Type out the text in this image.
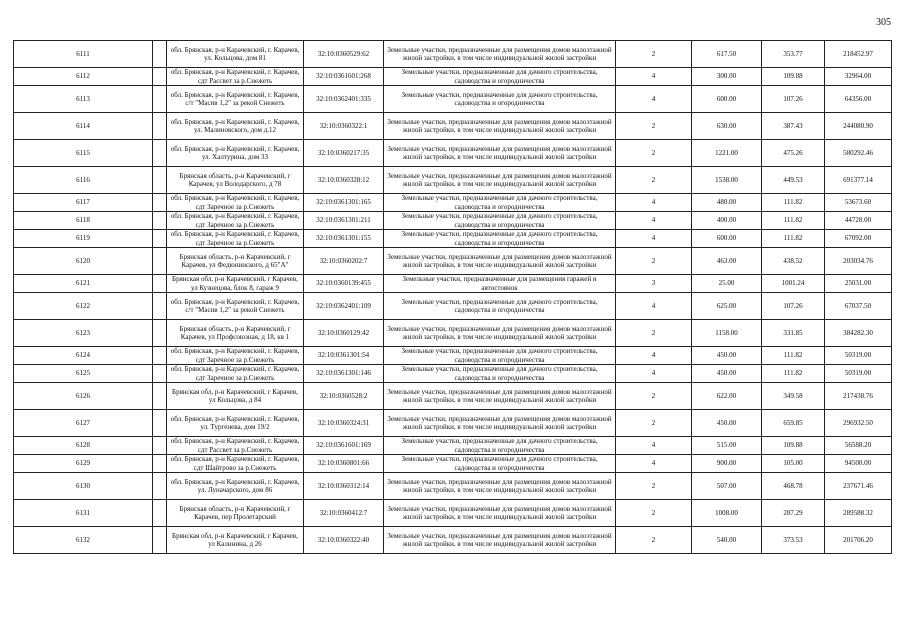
305
6111		обл. Брянская, р-н Карачевский, г. Карачев, ул. Кольцова, дом 81	32:10:0360529:62	Земельные участки, предназначенные для размещения домов малоэтажной жилой застройки, в том числе индивидуальной жилой застройки	2	617.50	353.77	218452.97
6112		обл. Брянская, р-н Карачевский, г. Карачев, сдт Рассвет за р.Снежеть	32:10:0361601:268	Земельные участки, предназначенные для дачного строительства, садоводства и огородничества	4	300.00	109.88	32964.00
6113		обл. Брянская, р-н Карачевский, г. Карачев, с/т "Масив 1,2" за рекой Снежеть	32:10:0362401:335	Земельные участки, предназначенные для дачного строительства, садоводства и огородничества	4	600.00	107.26	64356.00
6114		обл. Брянская, р-н Карачевский, г. Карачев, ул. Малиновского, дом д.12	32:10:0360322:1	Земельные участки, предназначенные для размещения домов малоэтажной жилой застройки, в том числе индивидуальной жилой застройки	2	630.00	387.43	244080.90
6115		обл. Брянская, р-н Карачевский, г. Карачев, ул. Халтурина, дом 33	32:10:0360217:35	Земельные участки, предназначенные для размещения домов малоэтажной жилой застройки, в том числе индивидуальной жилой застройки	2	1221.00	475.26	580292.46
6116		Брянская область, р-н Карачевский, г Карачев, ул Володарского, д 78	32:10:0360328:12	Земельные участки, предназначенные для размещения домов малоэтажной жилой застройки, в том числе индивидуальной жилой застройки	2	1538.00	449.53	691377.14
6117		обл. Брянская, р-н Карачевский, г. Карачев, сдт Заречное за р.Снежеть	32:10:0361301:165	Земельные участки, предназначенные для дачного строительства, садоводства и огородничества	4	480.00	111.82	53673.60
6118		обл. Брянская, р-н Карачевский, г. Карачев, сдт Заречное за р.Снежеть	32:10:0361301:211	Земельные участки, предназначенные для дачного строительства, садоводства и огородничества	4	400.00	111.82	44728.00
6119		обл. Брянская, р-н Карачевский, г. Карачев, сдт Заречное за р.Снежеть	32:10:0361301:155	Земельные участки, предназначенные для дачного строительства, садоводства и огородничества	4	600.00	111.82	67092.00
6120		Брянская область, р-н Карачевский, г Карачев, ул Федюнинского, д 65"А"	32:10:0360202:7	Земельные участки, предназначенные для размещения домов малоэтажной жилой застройки, в том числе индивидуальной жилой застройки	2	463.00	438.52	203034.76
6121		Брянская обл, р-н Карачевский, г Карачев, ул Кузнецова, блок 8, гараж 9	32:10:0360139:455	Земельные участки, предназначенные для размещения гаражей и автостоянок	3	25.00	1001.24	25031.00
6122		обл. Брянская, р-н Карачевский, г. Карачев, с/т "Масив 1,2" за рекой Снежеть	32:10:0362401:109	Земельные участки, предназначенные для дачного строительства, садоводства и огородничества	4	625.00	107.26	67037.50
6123		Брянская область, р-н Карачевский, г Карачев, ул Профсоюзная, д 18, кв 1	32:10:0360129:42	Земельные участки, предназначенные для размещения домов малоэтажной жилой застройки, в том числе индивидуальной жилой застройки	2	1158.00	331.85	384282.30
6124		обл. Брянская, р-н Карачевский, г. Карачев, сдт Заречное за р.Снежеть	32:10:0361301:54	Земельные участки, предназначенные для дачного строительства, садоводства и огородничества	4	450.00	111.82	50319.00
6125		обл. Брянская, р-н Карачевский, г. Карачев, сдт Заречное за р.Снежеть	32:10:0361301:146	Земельные участки, предназначенные для дачного строительства, садоводства и огородничества	4	450.00	111.82	50319.00
6126		Брянская обл, р-н Карачевский, г Карачев, ул Кольцова, д 84	32:10:0360528:2	Земельные участки, предназначенные для размещения домов малоэтажной жилой застройки, в том числе индивидуальной жилой застройки	2	622.00	349.58	217438.76
6127		обл. Брянская, р-н Карачевский, г. Карачев, ул. Тургенева, дом 19/2	32:10:0360324:31	Земельные участки, предназначенные для размещения домов малоэтажной жилой застройки, в том числе индивидуальной жилой застройки	2	450.00	659.85	296932.50
6128		обл. Брянская, р-н Карачевский, г. Карачев, сдт Рассвет за р.Снежеть	32:10:0361601:169	Земельные участки, предназначенные для дачного строительства, садоводства и огородничества	4	515.00	109.88	56588.20
6129		обл. Брянская, р-н Карачевский, г. Карачев, сдт Шайтрово за р.Снежеть	32:10:0360801:66	Земельные участки, предназначенные для дачного строительства, садоводства и огородничества	4	900.00	105.00	94500.00
6130		обл. Брянская, р-н Карачевский, г. Карачев, ул. Луначарского, дом 86	32:10:0360312:14	Земельные участки, предназначенные для размещения домов малоэтажной жилой застройки, в том числе индивидуальной жилой застройки	2	507.00	468.78	237671.46
6131		Брянская область, р-н Карачевский, г Карачев, пер Пролетарский	32:10:0360412:7	Земельные участки, предназначенные для размещения домов малоэтажной жилой застройки, в том числе индивидуальной жилой застройки	2	1008.00	287.29	289588.32
6132		Брянская обл, р-н Карачевский, г Карачев, ул Калинина, д 26	32:10:0360322:40	Земельные участки, предназначенные для размещения домов малоэтажной жилой застройки, в том числе индивидуальной жилой застройки	2	540.00	373.53	201706.20
